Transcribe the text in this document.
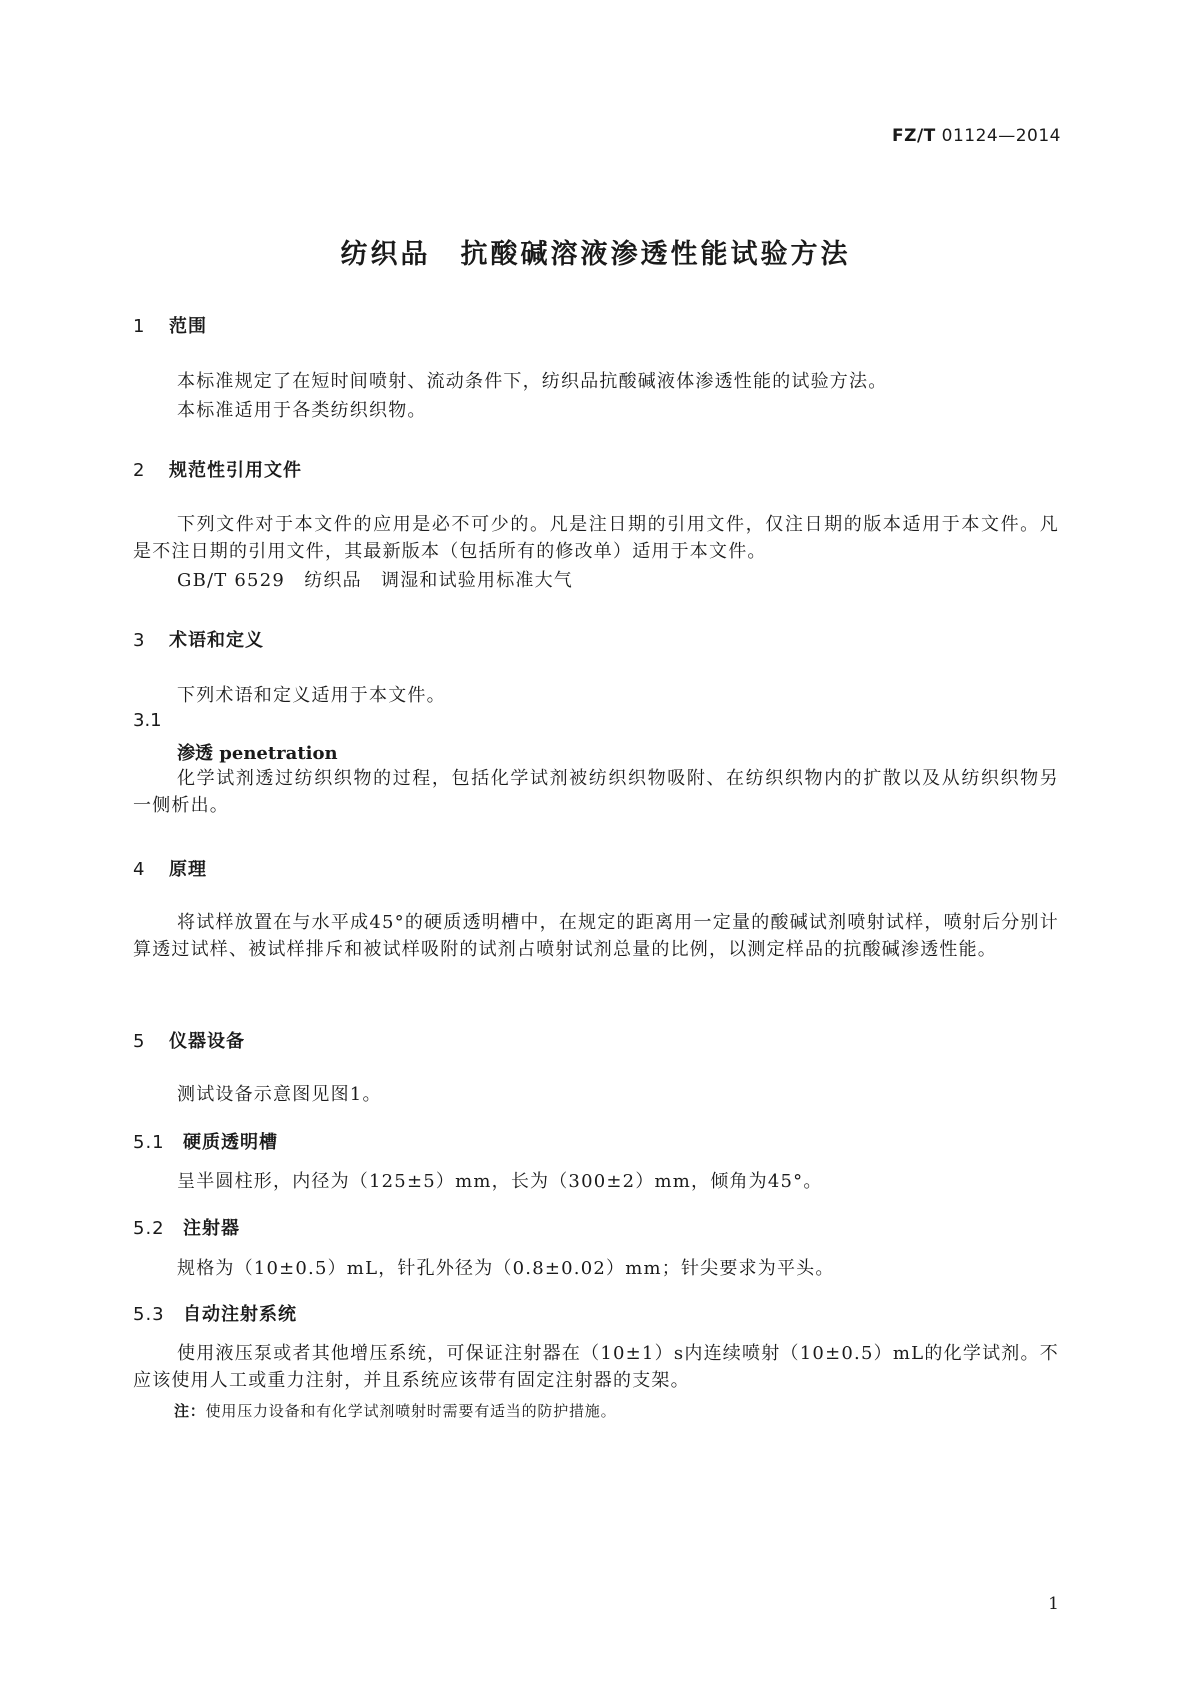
FZ/T 01124—2014
纺织品　抗酸碱溶液渗透性能试验方法
1 范围
本标准规定了在短时间喷射、流动条件下，纺织品抗酸碱液体渗透性能的试验方法。
本标准适用于各类纺织织物。
2 规范性引用文件
下列文件对于本文件的应用是必不可少的。凡是注日期的引用文件，仅注日期的版本适用于本文件。凡是不注日期的引用文件，其最新版本（包括所有的修改单）适用于本文件。
GB/T 6529　纺织品　调湿和试验用标准大气
3 术语和定义
下列术语和定义适用于本文件。
3.1
渗透 penetration
化学试剂透过纺织织物的过程，包括化学试剂被纺织织物吸附、在纺织织物内的扩散以及从纺织织物另一侧析出。
4 原理
将试样放置在与水平成45°的硬质透明槽中，在规定的距离用一定量的酸碱试剂喷射试样，喷射后分别计算透过试样、被试样排斥和被试样吸附的试剂占喷射试剂总量的比例，以测定样品的抗酸碱渗透性能。
5 仪器设备
测试设备示意图见图1。
5.1 硬质透明槽
呈半圆柱形，内径为（125±5）mm，长为（300±2）mm，倾角为45°。
5.2 注射器
规格为（10±0.5）mL，针孔外径为（0.8±0.02）mm；针尖要求为平头。
5.3 自动注射系统
使用液压泵或者其他增压系统，可保证注射器在（10±1）s内连续喷射（10±0.5）mL的化学试剂。不应该使用人工或重力注射，并且系统应该带有固定注射器的支架。
注：使用压力设备和有化学试剂喷射时需要有适当的防护措施。
1
